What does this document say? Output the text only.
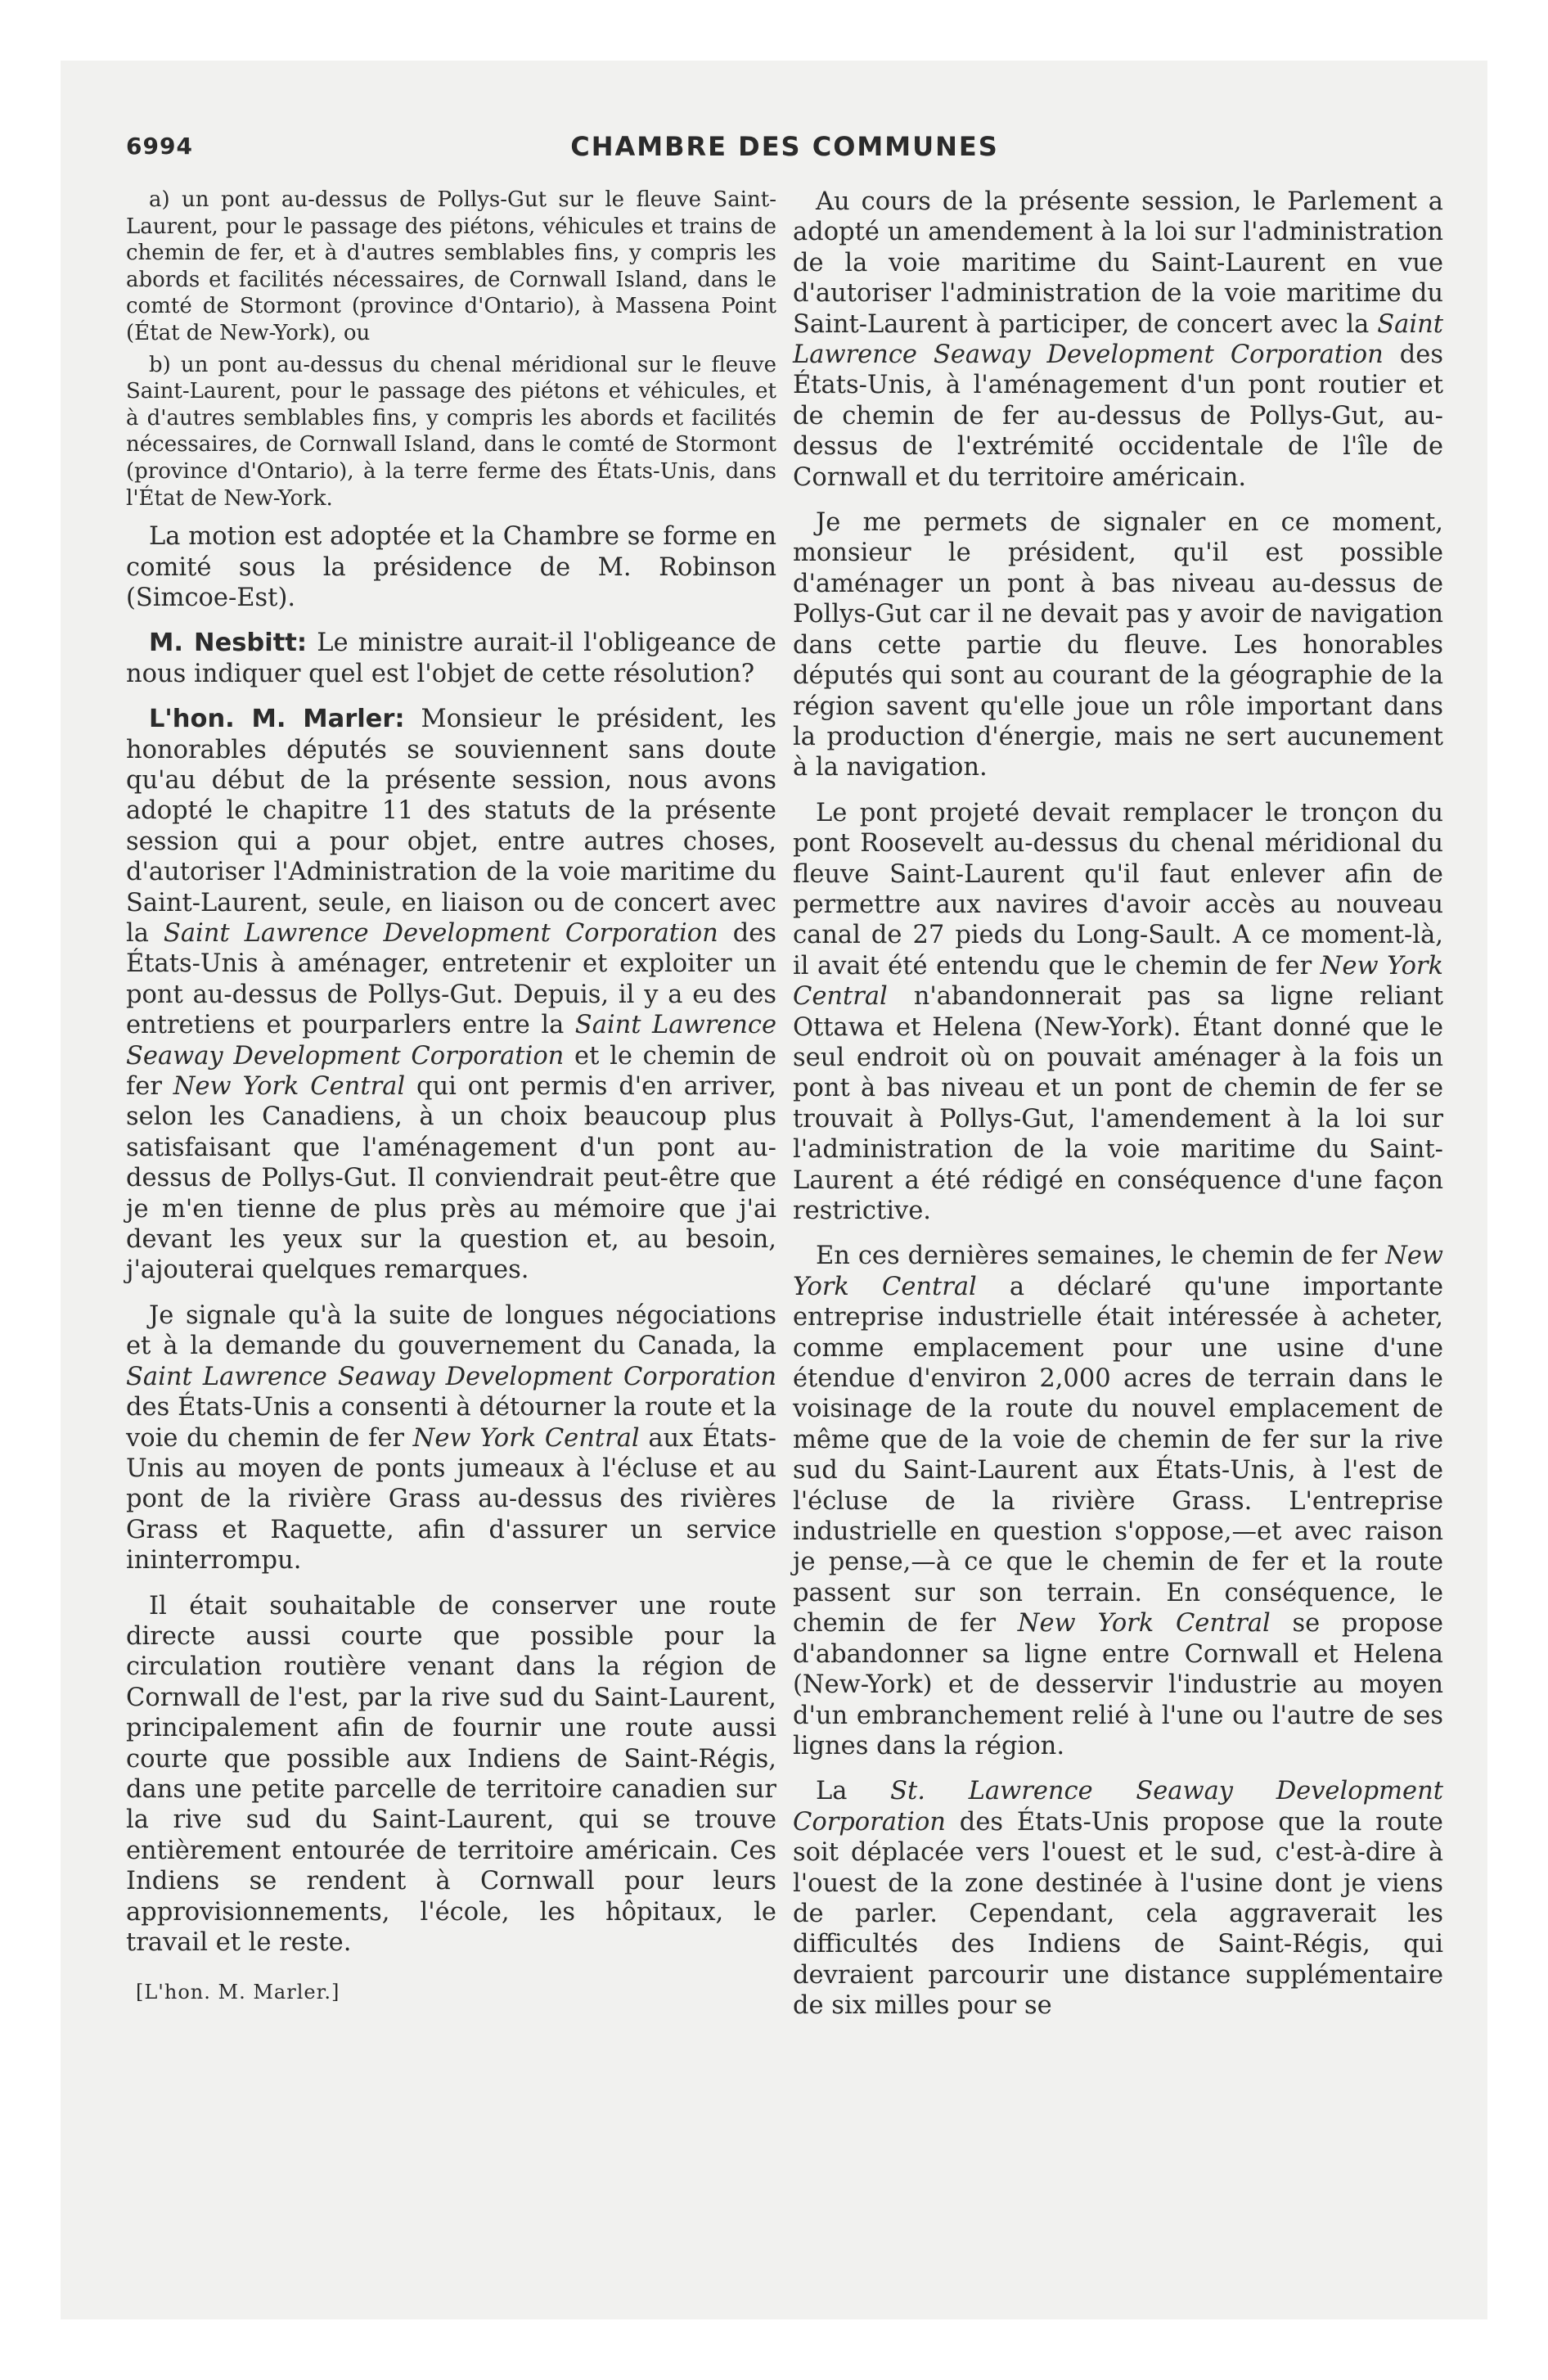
6994	CHAMBRE DES COMMUNES

a) un pont au-dessus de Pollys-Gut sur le fleuve Saint-Laurent, pour le passage des piétons, véhicules et trains de chemin de fer, et à d'autres semblables fins, y compris les abords et facilités nécessaires, de Cornwall Island, dans le comté de Stormont (province d'Ontario), à Massena Point (État de New-York), ou

b) un pont au-dessus du chenal méridional sur le fleuve Saint-Laurent, pour le passage des piétons et véhicules, et à d'autres semblables fins, y compris les abords et facilités nécessaires, de Cornwall Island, dans le comté de Stormont (province d'Ontario), à la terre ferme des États-Unis, dans l'État de New-York.

La motion est adoptée et la Chambre se forme en comité sous la présidence de M. Robinson (Simcoe-Est).

M. Nesbitt: Le ministre aurait-il l'obligeance de nous indiquer quel est l'objet de cette résolution?

L'hon. M. Marler: Monsieur le président, les honorables députés se souviennent sans doute qu'au début de la présente session, nous avons adopté le chapitre 11 des statuts de la présente session qui a pour objet, entre autres choses, d'autoriser l'Administration de la voie maritime du Saint-Laurent, seule, en liaison ou de concert avec la Saint Lawrence Development Corporation des États-Unis à aménager, entretenir et exploiter un pont au-dessus de Pollys-Gut. Depuis, il y a eu des entretiens et pourparlers entre la Saint Lawrence Seaway Development Corporation et le chemin de fer New York Central qui ont permis d'en arriver, selon les Canadiens, à un choix beaucoup plus satisfaisant que l'aménagement d'un pont au-dessus de Pollys-Gut. Il conviendrait peut-être que je m'en tienne de plus près au mémoire que j'ai devant les yeux sur la question et, au besoin, j'ajouterai quelques remarques.

Je signale qu'à la suite de longues négociations et à la demande du gouvernement du Canada, la Saint Lawrence Seaway Development Corporation des États-Unis a consenti à détourner la route et la voie du chemin de fer New York Central aux États-Unis au moyen de ponts jumeaux à l'écluse et au pont de la rivière Grass au-dessus des rivières Grass et Raquette, afin d'assurer un service ininterrompu.

Il était souhaitable de conserver une route directe aussi courte que possible pour la circulation routière venant dans la région de Cornwall de l'est, par la rive sud du Saint-Laurent, principalement afin de fournir une route aussi courte que possible aux Indiens de Saint-Régis, dans une petite parcelle de territoire canadien sur la rive sud du Saint-Laurent, qui se trouve entièrement entourée de territoire américain. Ces Indiens se rendent à Cornwall pour leurs approvisionnements, l'école, les hôpitaux, le travail et le reste.

[L'hon. M. Marler.]

Au cours de la présente session, le Parlement a adopté un amendement à la loi sur l'administration de la voie maritime du Saint-Laurent en vue d'autoriser l'administration de la voie maritime du Saint-Laurent à participer, de concert avec la Saint Lawrence Seaway Development Corporation des États-Unis, à l'aménagement d'un pont routier et de chemin de fer au-dessus de Pollys-Gut, au-dessus de l'extrémité occidentale de l'île de Cornwall et du territoire américain.

Je me permets de signaler en ce moment, monsieur le président, qu'il est possible d'aménager un pont à bas niveau au-dessus de Pollys-Gut car il ne devait pas y avoir de navigation dans cette partie du fleuve. Les honorables députés qui sont au courant de la géographie de la région savent qu'elle joue un rôle important dans la production d'énergie, mais ne sert aucunement à la navigation.

Le pont projeté devait remplacer le tronçon du pont Roosevelt au-dessus du chenal méridional du fleuve Saint-Laurent qu'il faut enlever afin de permettre aux navires d'avoir accès au nouveau canal de 27 pieds du Long-Sault. A ce moment-là, il avait été entendu que le chemin de fer New York Central n'abandonnerait pas sa ligne reliant Ottawa et Helena (New-York). Étant donné que le seul endroit où on pouvait aménager à la fois un pont à bas niveau et un pont de chemin de fer se trouvait à Pollys-Gut, l'amendement à la loi sur l'administration de la voie maritime du Saint-Laurent a été rédigé en conséquence d'une façon restrictive.

En ces dernières semaines, le chemin de fer New York Central a déclaré qu'une importante entreprise industrielle était intéressée à acheter, comme emplacement pour une usine d'une étendue d'environ 2,000 acres de terrain dans le voisinage de la route du nouvel emplacement de même que de la voie de chemin de fer sur la rive sud du Saint-Laurent aux États-Unis, à l'est de l'écluse de la rivière Grass. L'entreprise industrielle en question s'oppose,—et avec raison je pense,—à ce que le chemin de fer et la route passent sur son terrain. En conséquence, le chemin de fer New York Central se propose d'abandonner sa ligne entre Cornwall et Helena (New-York) et de desservir l'industrie au moyen d'un embranchement relié à l'une ou l'autre de ses lignes dans la région.

La St. Lawrence Seaway Development Corporation des États-Unis propose que la route soit déplacée vers l'ouest et le sud, c'est-à-dire à l'ouest de la zone destinée à l'usine dont je viens de parler. Cependant, cela aggraverait les difficultés des Indiens de Saint-Régis, qui devraient parcourir une distance supplémentaire de six milles pour se
